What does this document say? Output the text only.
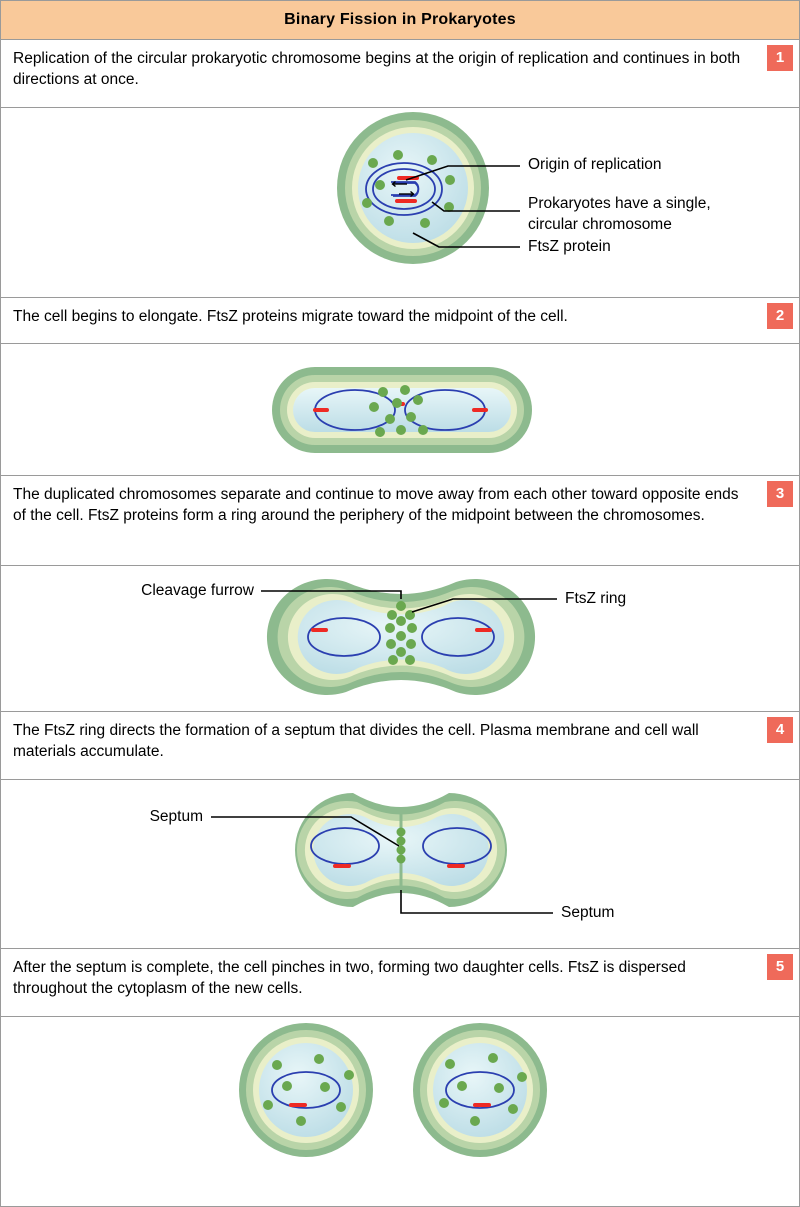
Binary Fission in Prokaryotes
Replication of the circular prokaryotic chromosome begins at the origin of replication and continues in both directions at once.
1
Origin of replication
Prokaryotes have a single,
circular chromosome
FtsZ protein
The cell begins to elongate. FtsZ proteins migrate toward the midpoint of the cell.	2
The duplicated chromosomes separate and continue to move away from each other toward opposite ends of the cell. FtsZ proteins form a ring around the periphery of the midpoint between the chromosomes.
3
Cleavage furrow	FtsZ ring
The FtsZ ring directs the formation of a septum that divides the cell. Plasma membrane and cell wall materials accumulate.
4
Septum
Septum
After the septum is complete, the cell pinches in two, forming two daughter cells. FtsZ is dispersed throughout the cytoplasm of the new cells.
5
